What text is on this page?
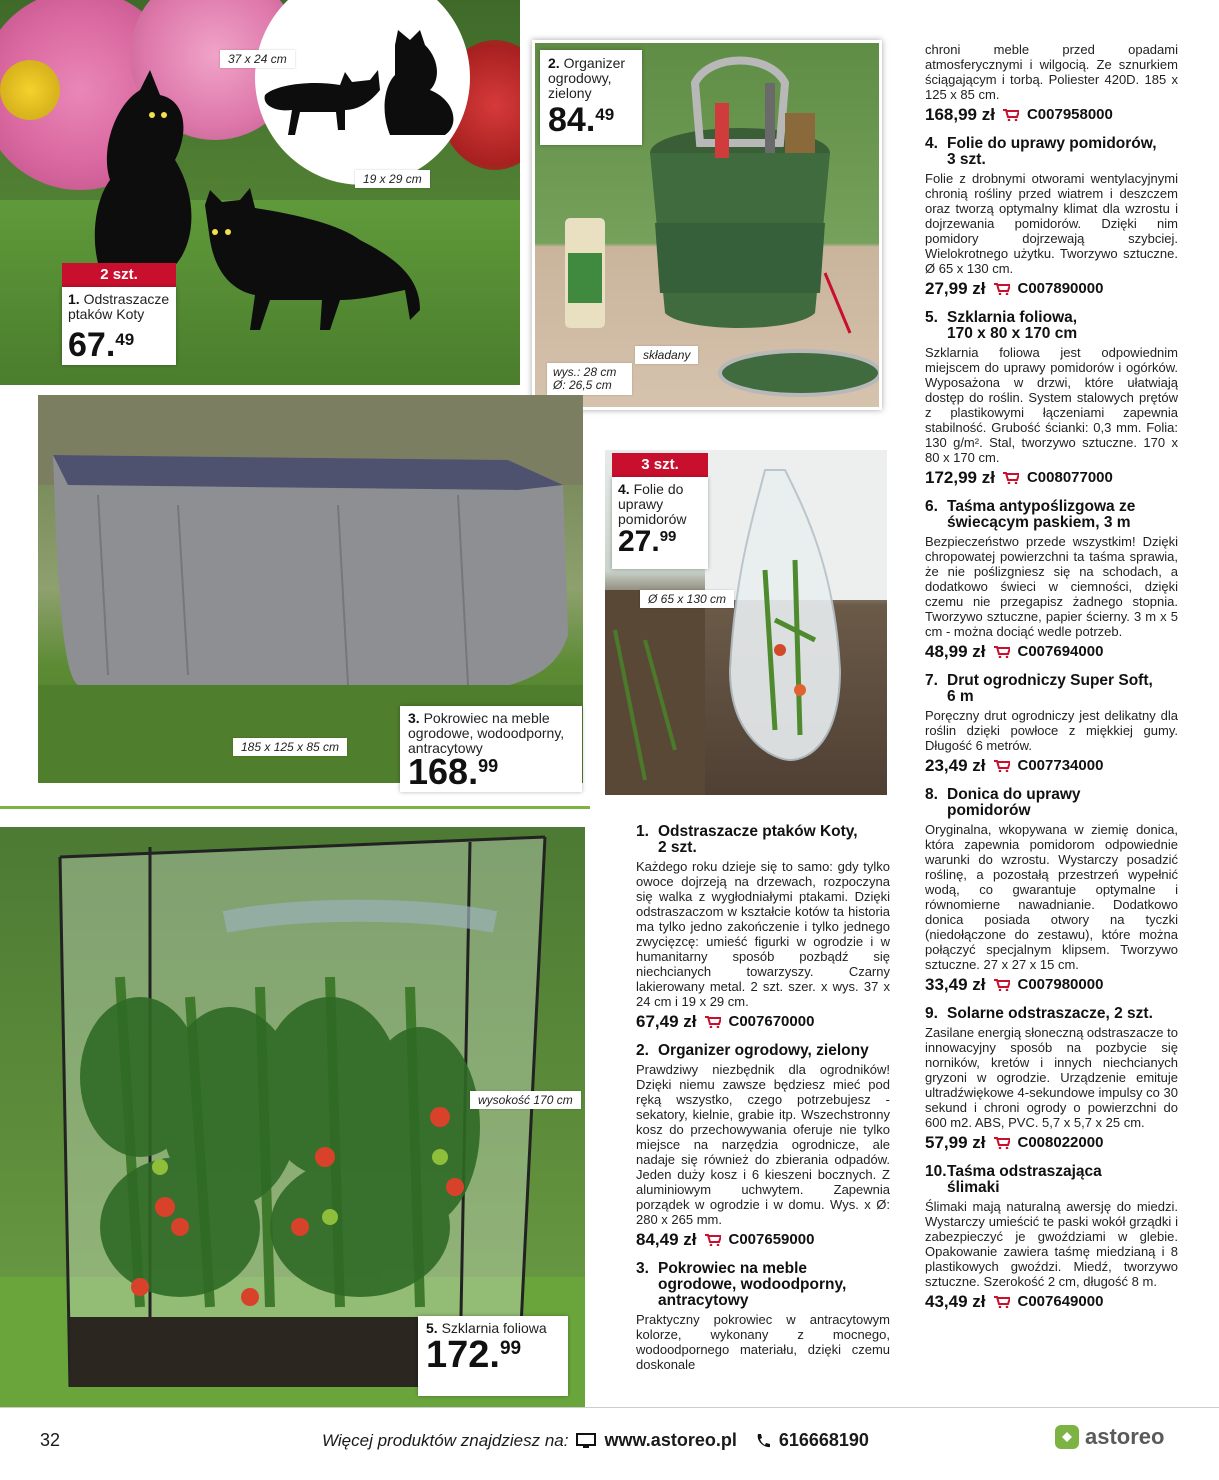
37 x 24 cm
19 x 29 cm
2 szt.
1. Odstraszacze ptaków Koty
67.49
wys.: 28 cm Ø: 26,5 cm
składany
2. Organizer ogrodowy, zielony
84.49
185 x 125 x 85 cm
3. Pokrowiec na meble ogrodowe, wodoodporny, antracytowy
168.99
Ø 65 x 130 cm
3 szt.
4. Folie do uprawy pomidorów
27.99
wysokość 170 cm
5. Szklarnia foliowa
172.99
1. Odstraszacze ptaków Koty,
2 szt.
Każdego roku dzieje się to samo: gdy tylko owoce dojrzeją na drzewach, rozpoczyna się walka z wygłodniałymi ptakami. Dzięki odstraszaczom w kształcie kotów ta historia ma tylko jedno zakończenie i tylko jednego zwycięzcę: umieść figurki w ogrodzie i w humanitarny sposób pozbądź się niechcianych towarzyszy. Czarny lakierowany metal. 2 szt. szer. x wys. 37 x 24 cm i 19 x 29 cm.
67,49 zł C007670000
2. Organizer ogrodowy, zielony
Prawdziwy niezbędnik dla ogrodników! Dzięki niemu zawsze będziesz mieć pod ręką wszystko, czego potrzebujesz - sekatory, kielnie, grabie itp. Wszechstronny kosz do przechowywania oferuje nie tylko miejsce na narzędzia ogrodnicze, ale nadaje się również do zbierania odpadów. Jeden duży kosz i 6 kieszeni bocznych. Z aluminiowym uchwytem. Zapewnia porządek w ogrodzie i w domu. Wys. x Ø: 280 x 265 mm.
84,49 zł C007659000
3. Pokrowiec na meble
ogrodowe, wodoodporny, antracytowy
Praktyczny pokrowiec w antracytowym kolorze, wykonany z mocnego, wodoodpornego materiału, dzięki czemu doskonale
chroni meble przed opadami atmosferycznymi i wilgocią. Ze sznurkiem ściągającym i torbą. Poliester 420D. 185 x 125 x 85 cm.
168,99 zł C007958000
4. Folie do uprawy pomidorów,
3 szt.
Folie z drobnymi otworami wentylacyjnymi chronią rośliny przed wiatrem i deszczem oraz tworzą optymalny klimat dla wzrostu i dojrzewania pomidorów. Dzięki nim pomidory dojrzewają szybciej. Wielokrotnego użytku. Tworzywo sztuczne. Ø 65 x 130 cm.
27,99 zł C007890000
5. Szklarnia foliowa,
170 x 80 x 170 cm
Szklarnia foliowa jest odpowiednim miejscem do uprawy pomidorów i ogórków. Wyposażona w drzwi, które ułatwiają dostęp do roślin. System stalowych prętów z plastikowymi łączeniami zapewnia stabilność. Grubość ścianki: 0,3 mm. Folia: 130 g/m². Stal, tworzywo sztuczne. 170 x 80 x 170 cm.
172,99 zł C008077000
6. Taśma antypoślizgowa ze
świecącym paskiem, 3 m
Bezpieczeństwo przede wszystkim! Dzięki chropowatej powierzchni ta taśma sprawia, że nie poślizgniesz się na schodach, a dodatkowo świeci w ciemności, dzięki czemu nie przegapisz żadnego stopnia. Tworzywo sztuczne, papier ścierny. 3 m x 5 cm - można dociąć wedle potrzeb.
48,99 zł C007694000
7. Drut ogrodniczy Super Soft,
6 m
Poręczny drut ogrodniczy jest delikatny dla roślin dzięki powłoce z miękkiej gumy. Długość 6 metrów.
23,49 zł C007734000
8. Donica do uprawy
pomidorów
Oryginalna, wkopywana w ziemię donica, która zapewnia pomidorom odpowiednie warunki do wzrostu. Wystarczy posadzić roślinę, a pozostałą przestrzeń wypełnić wodą, co gwarantuje optymalne i równomierne nawadnianie. Dodatkowo donica posiada otwory na tyczki (niedołączone do zestawu), które można połączyć specjalnym klipsem. Tworzywo sztuczne. 27 x 27 x 15 cm.
33,49 zł C007980000
9. Solarne odstraszacze, 2 szt.
Zasilane energią słoneczną odstraszacze to innowacyjny sposób na pozbycie się norników, kretów i innych niechcianych gryzoni w ogrodzie. Urządzenie emituje ultradźwiękowe 4-sekundowe impulsy co 30 sekund i chroni ogrody o powierzchni do 600 m2. ABS, PVC. 5,7 x 5,7 x 25 cm.
57,99 zł C008022000
10.Taśma odstraszająca
ślimaki
Ślimaki mają naturalną awersję do miedzi. Wystarczy umieścić te paski wokół grządki i zabezpieczyć je gwoździami w glebie. Opakowanie zawiera taśmę miedzianą i 8 plastikowych gwoździ. Miedź, tworzywo sztuczne. Szerokość 2 cm, długość 8 m.
43,49 zł C007649000
32	Więcej produktów znajdziesz na: www.astoreo.pl 616668190	astoreo
